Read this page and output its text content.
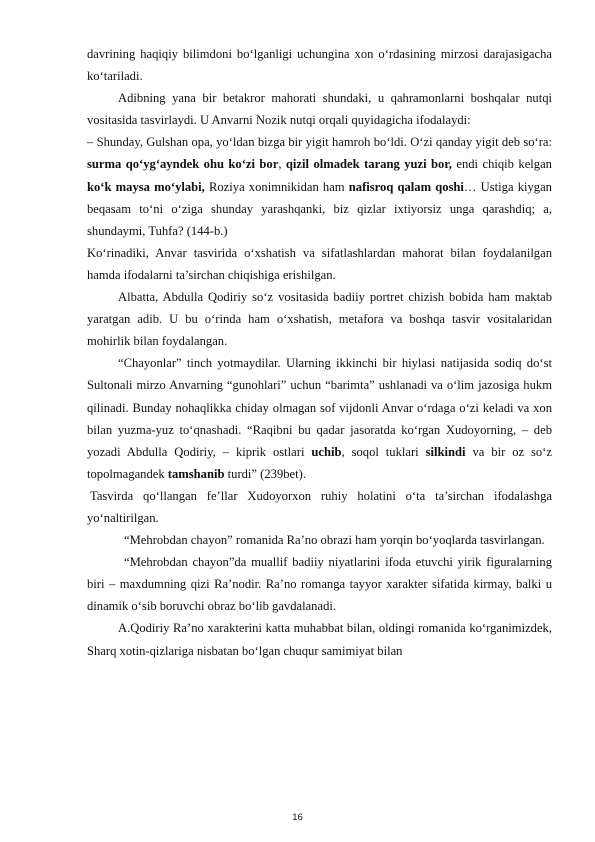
davrining haqiqiy bilimdoni bo‘lganligi uchungina xon o‘rdasining mirzosi darajasigacha ko‘tariladi.

Adibning yana bir betakror mahorati shundaki, u qahramonlarni boshqalar nutqi vositasida tasvirlaydi. U Anvarni Nozik nutqi orqali quyidagicha ifodalaydi:

– Shunday, Gulshan opa, yo‘ldan bizga bir yigit hamroh bo‘ldi. O‘zi qanday yigit deb so‘ra: surma qo‘yg‘ayndek ohu ko‘zi bor, qizil olmadek tarang yuzi bor, endi chiqib kelgan ko‘k maysa mo‘ylabi, Roziya xonimnikidan ham nafisroq qalam qoshi… Ustiga kiygan beqasam to‘ni o‘ziga shunday yarashqanki, biz qizlar ixtiyorsiz unga qarashdiq; a, shundaymi, Tuhfa? (144-b.)

Ko‘rinadiki, Anvar tasvirida o‘xshatish va sifatlashlardan mahorat bilan foydalanilgan hamda ifodalarni ta’sirchan chiqishiga erishilgan.

Albatta, Abdulla Qodiriy so‘z vositasida badiiy portret chizish bobida ham maktab yaratgan adib. U bu o‘rinda ham o‘xshatish, metafora va boshqa tasvir vositalaridan mohirlik bilan foydalangan.

“Chayonlar” tinch yotmaydilar. Ularning ikkinchi bir hiylasi natijasida sodiq do‘st Sultonali mirzo Anvarning “gunohlari” uchun “barimta” ushlanadi va o‘lim jazosiga hukm qilinadi. Bunday nohaqlikka chiday olmagan sof vijdonli Anvar o‘rdaga o‘zi keladi va xon bilan yuzma-yuz to‘qnashadi. “Raqibni bu qadar jasoratda ko‘rgan Xudoyorning, – deb yozadi Abdulla Qodiriy, – kiprik ostlari uchib, soqol tuklari silkindi va bir oz so‘z topolmagandek tamshanib turdi” (239bet).

Tasvirda qo‘llangan fe’llar Xudoyorxon ruhiy holatini o‘ta ta’sirchan ifodalashga yo‘naltirilgan.

“Mehrobdan chayon” romanida Ra’no obrazi ham yorqin bo‘yoqlarda tasvirlangan.

“Mehrobdan chayon”da muallif badiiy niyatlarini ifoda etuvchi yirik figuralarning biri – maxdumning qizi Ra’nodir. Ra’no romanga tayyor xarakter sifatida kirmay, balki u dinamik o‘sib boruvchi obraz bo‘lib gavdalanadi.

A.Qodiriy Ra’no xarakterini katta muhabbat bilan, oldingi romanida ko‘rganimizdek, Sharq xotin-qizlariga nisbatan bo‘lgan chuqur samimiyat bilan

16
